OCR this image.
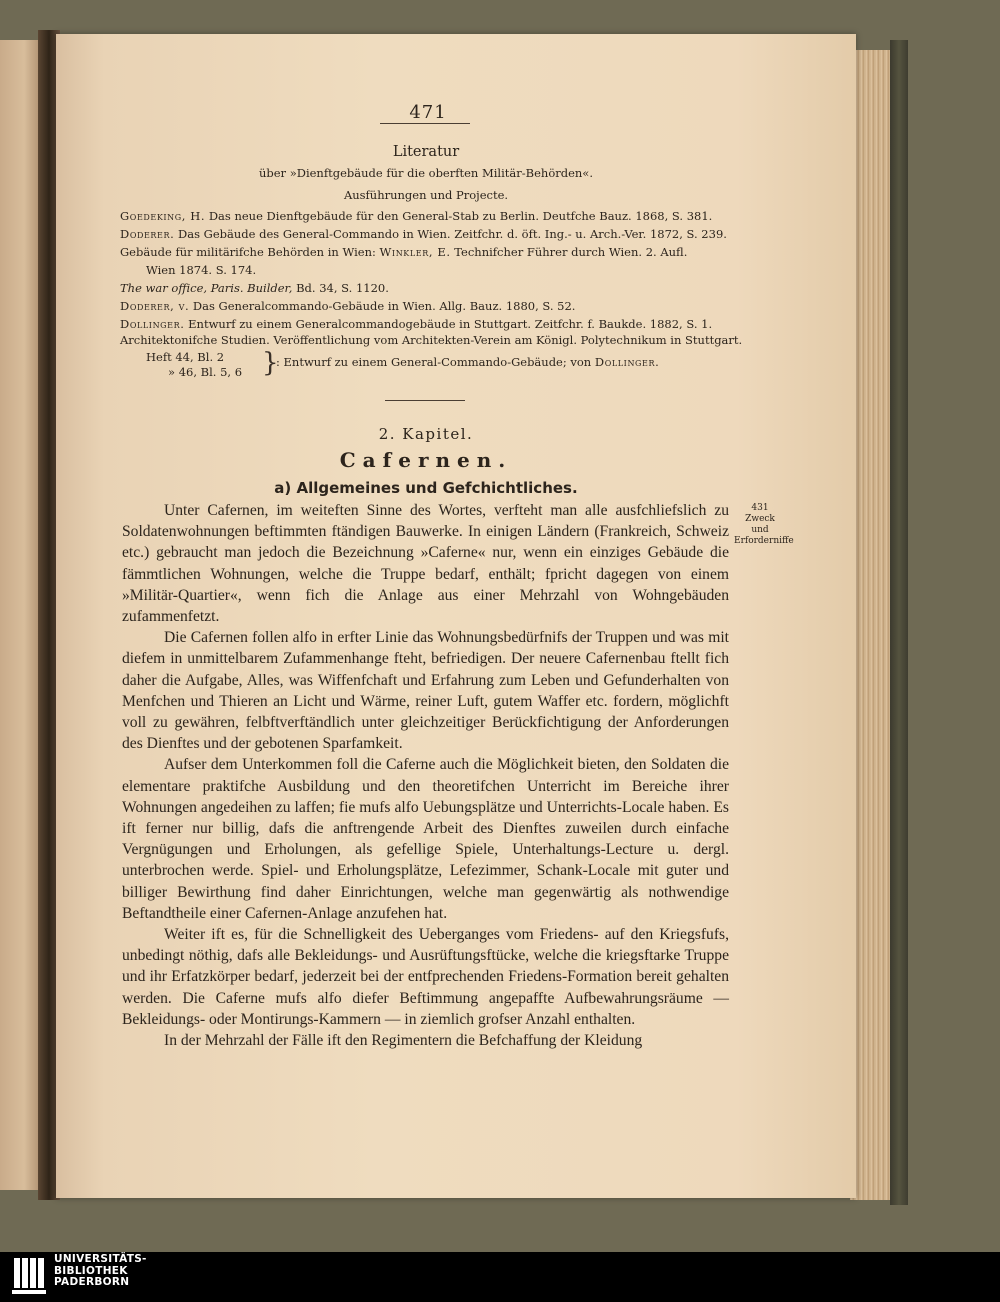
471
Literatur
über »Dienftgebäude für die oberften Militär-Behörden«.
Ausführungen und Projecte.
Goedeking, H. Das neue Dienftgebäude für den General-Stab zu Berlin. Deutfche Bauz. 1868, S. 381.
Doderer. Das Gebäude des General-Commando in Wien. Zeitfchr. d. öft. Ing.- u. Arch.-Ver. 1872, S. 239.
Gebäude für militärifche Behörden in Wien: Winkler, E. Technifcher Führer durch Wien. 2. Aufl.
Wien 1874. S. 174.
The war office, Paris. Builder, Bd. 34, S. 1120.
Doderer, v. Das Generalcommando-Gebäude in Wien. Allg. Bauz. 1880, S. 52.
Dollinger. Entwurf zu einem Generalcommandogebäude in Stuttgart. Zeitfchr. f. Baukde. 1882, S. 1.
Architektonifche Studien. Veröffentlichung vom Architekten-Verein am Königl. Polytechnikum in Stuttgart.
Heft 44, Bl. 2
» 46, Bl. 5, 6 }
: Entwurf zu einem General-Commando-Gebäude; von Dollinger.
2. Kapitel.
Cafernen.
a) Allgemeines und Gefchichtliches.
431
Zweck
und
Erforderniffe

Unter Cafernen, im weiteften Sinne des Wortes, verfteht man alle ausfchliefslich zu Soldatenwohnungen beftimmten ftändigen Bauwerke. In einigen Ländern (Frankreich, Schweiz etc.) gebraucht man jedoch die Bezeichnung »Caferne« nur, wenn ein einziges Gebäude die fämmtlichen Wohnungen, welche die Truppe bedarf, enthält; fpricht dagegen von einem »Militär-Quartier«, wenn fich die Anlage aus einer Mehrzahl von Wohngebäuden zufammenfetzt.

Die Cafernen follen alfo in erfter Linie das Wohnungsbedürfnifs der Truppen und was mit diefem in unmittelbarem Zufammenhange fteht, befriedigen. Der neuere Cafernenbau ftellt fich daher die Aufgabe, Alles, was Wiffenfchaft und Erfahrung zum Leben und Gefunderhalten von Menfchen und Thieren an Licht und Wärme, reiner Luft, gutem Waffer etc. fordern, möglichft voll zu gewähren, felbftverftändlich unter gleichzeitiger Berückfichtigung der Anforderungen des Dienftes und der gebotenen Sparfamkeit.

Aufser dem Unterkommen foll die Caferne auch die Möglichkeit bieten, den Soldaten die elementare praktifche Ausbildung und den theoretifchen Unterricht im Bereiche ihrer Wohnungen angedeihen zu laffen; fie mufs alfo Uebungsplätze und Unterrichts-Locale haben. Es ift ferner nur billig, dafs die anftrengende Arbeit des Dienftes zuweilen durch einfache Vergnügungen und Erholungen, als gefellige Spiele, Unterhaltungs-Lecture u. dergl. unterbrochen werde. Spiel- und Erholungsplätze, Lefezimmer, Schank-Locale mit guter und billiger Bewirthung find daher Einrichtungen, welche man gegenwärtig als nothwendige Beftandtheile einer Cafernen-Anlage anzufehen hat.

Weiter ift es, für die Schnelligkeit des Ueberganges vom Friedens- auf den Kriegsfufs, unbedingt nöthig, dafs alle Bekleidungs- und Ausrüftungsftücke, welche die kriegsftarke Truppe und ihr Erfatzkörper bedarf, jederzeit bei der entfprechenden Friedens-Formation bereit gehalten werden. Die Caferne mufs alfo diefer Beftimmung angepaffte Aufbewahrungsräume — Bekleidungs- oder Montirungs-Kammern — in ziemlich grofser Anzahl enthalten.

In der Mehrzahl der Fälle ift den Regimentern die Befchaffung der Kleidung

UNIVERSITÄTS-
BIBLIOTHEK
PADERBORN
